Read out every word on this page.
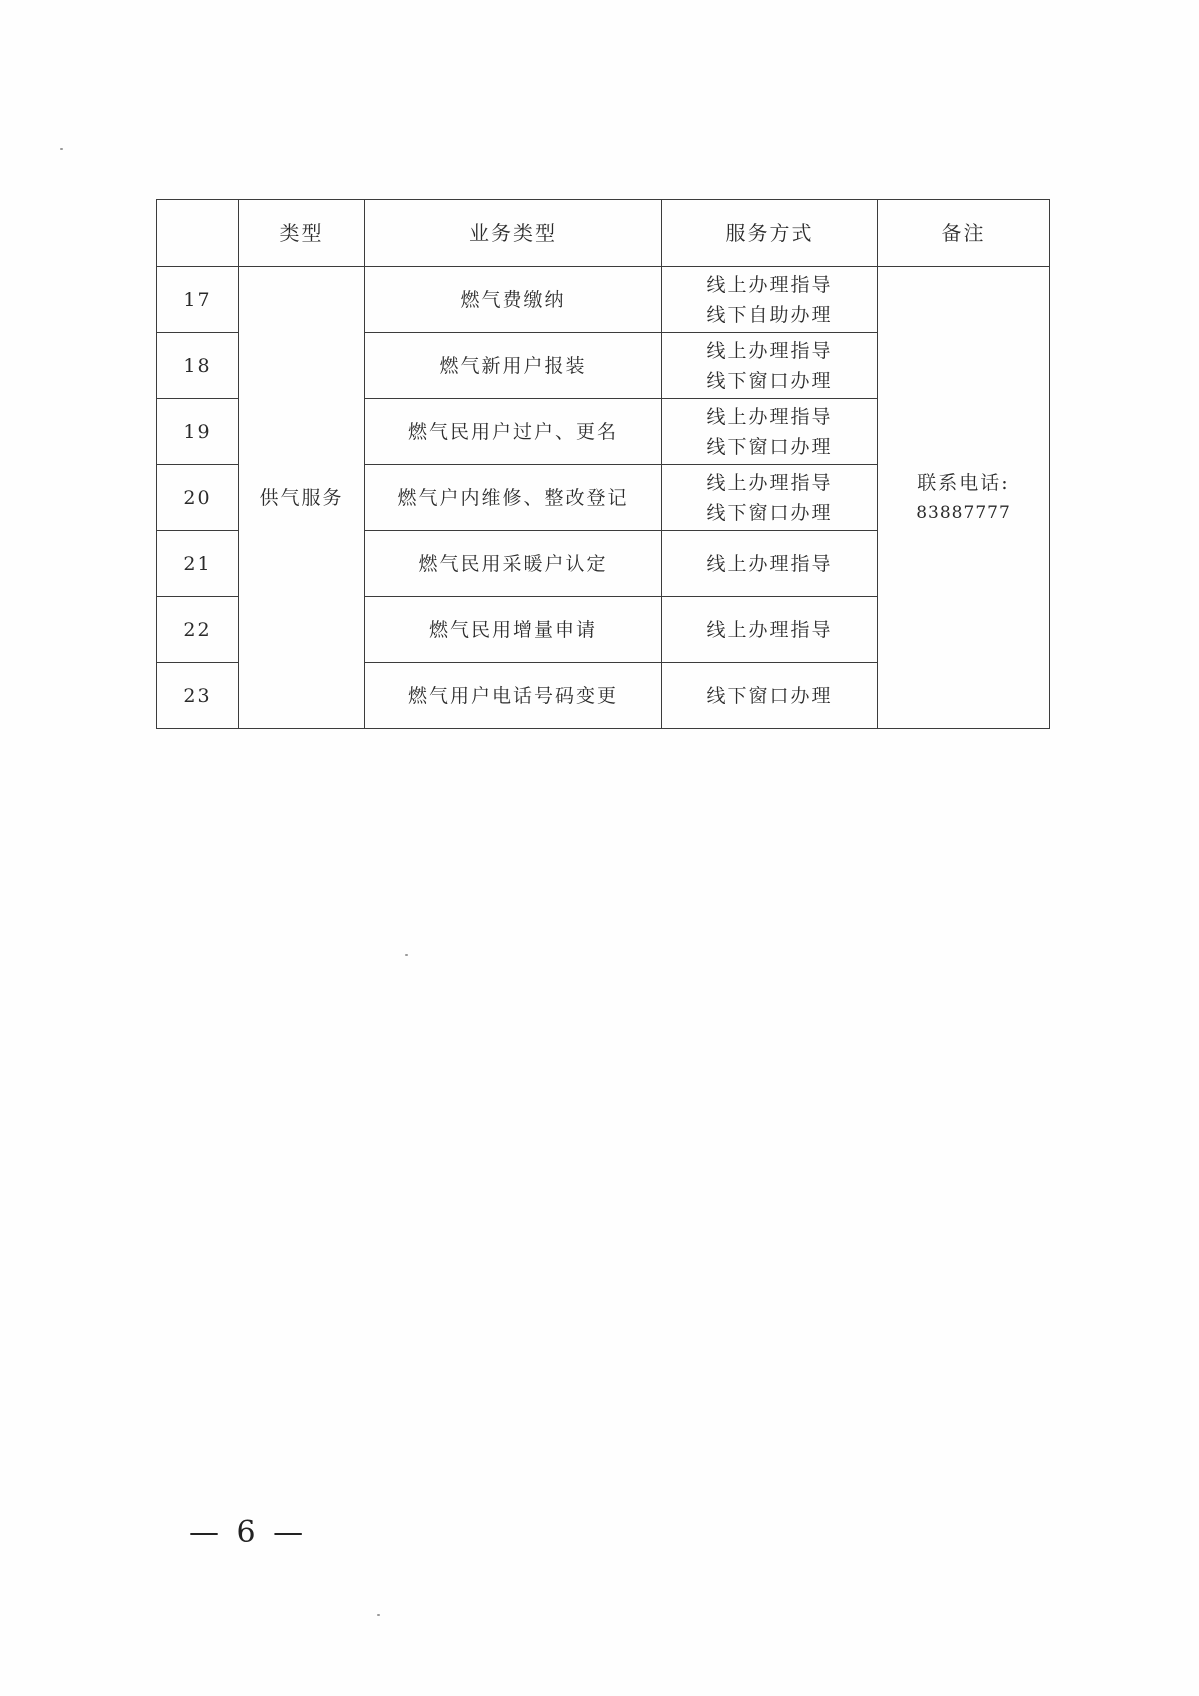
	类型	业务类型	服务方式	备注
17	供气服务	燃气费缴纳	线上办理指导
线下自助办理	联系电话:
83887777

18		燃气新用户报装	线上办理指导
线下窗口办理	

19		燃气民用户过户、更名	线上办理指导
线下窗口办理	

20		燃气户内维修、整改登记	线上办理指导
线下窗口办理	

21		燃气民用采暖户认定	线上办理指导	

22		燃气民用增量申请	线上办理指导	

23		燃气用户电话号码变更	线下窗口办理	
— 6 —
